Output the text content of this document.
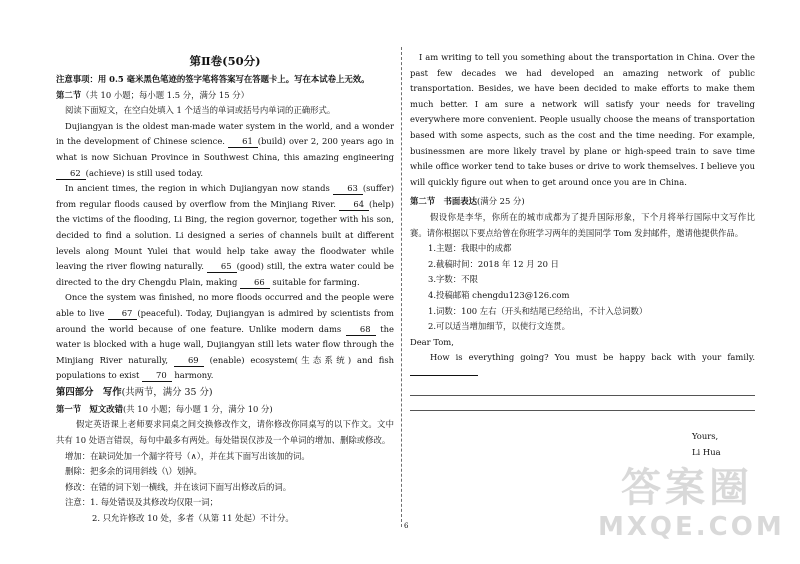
第Ⅱ卷(50分)

注意事项：用 0.5 毫米黑色笔迹的签字笔将答案写在答题卡上。写在本试卷上无效。

第二节（共 10 小题；每小题 1.5 分，满分 15 分）

阅读下面短文，在空白处填入 1 个适当的单词或括号内单词的正确形式。

Dujiangyan is the oldest man-made water system in the world, and a wonder in the development of Chinese science. 61 (build) over 2, 200 years ago in what is now Sichuan Province in Southwest China, this amazing engineering 62 (achieve) is still used today.

In ancient times, the region in which Dujiangyan now stands 63 (suffer) from regular floods caused by overflow from the Minjiang River. 64 (help) the victims of the flooding, Li Bing, the region governor, together with his son, decided to find a solution. Li designed a series of channels built at different levels along Mount Yulei that would help take away the floodwater while leaving the river flowing naturally. 65 (good) still, the extra water could be directed to the dry Chengdu Plain, making 66 suitable for farming.

Once the system was finished, no more floods occurred and the people were able to live 67 (peaceful). Today, Dujiangyan is admired by scientists from around the world because of one feature. Unlike modern dams 68 the water is blocked with a huge wall, Dujiangyan still lets water flow through the Minjiang River naturally, 69 (enable) ecosystem(生态系统) and fish populations to exist 70 harmony.

第四部分　写作(共两节，满分 35 分)

第一节　短文改错(共 10 小题；每小题 1 分，满分 10 分)

假定英语课上老师要求同桌之间交换修改作文，请你修改你同桌写的以下作文。文中共有 10 处语言错误，每句中最多有两处。每处错误仅涉及一个单词的增加、删除或修改。

增加：在缺词处加一个漏字符号（∧），并在其下面写出该加的词。

删除：把多余的词用斜线（\）划掉。

修改：在错的词下划一横线，并在该词下面写出修改后的词。

注意：1. 每处错误及其修改均仅限一词；

2. 只允许修改 10 处，多者（从第 11 处起）不计分。

I am writing to tell you something about the transportation in China. Over the past few decades we had developed an amazing network of public transportation. Besides, we have been decided to make efforts to make them much better. I am sure a network will satisfy your needs for traveling everywhere more convenient. People usually choose the means of transportation based with some aspects, such as the cost and the time needing. For example, businessmen are more likely travel by plane or high-speed train to save time while office worker tend to take buses or drive to work themselves. I believe you will quickly figure out when to get around once you are in China.

第二节　书面表达(满分 25 分)

假设你是李华，你所在的城市成都为了提升国际形象，下个月将举行国际中文写作比赛。请你根据以下要点给曾在你班学习两年的美国同学 Tom 发封邮件，邀请他提供作品。

1.主题：我眼中的成都

2.截稿时间：2018 年 12 月 20 日

3.字数：不限

4.投稿邮箱 chengdu123@126.com

1.词数：100 左右（开头和结尾已经给出，不计入总词数）

2.可以适当增加细节，以使行文连贯。

Dear Tom,

How is everything going? You must be happy back with your family.

Yours,

Li Hua

6
答案圈
MXQE.COM
